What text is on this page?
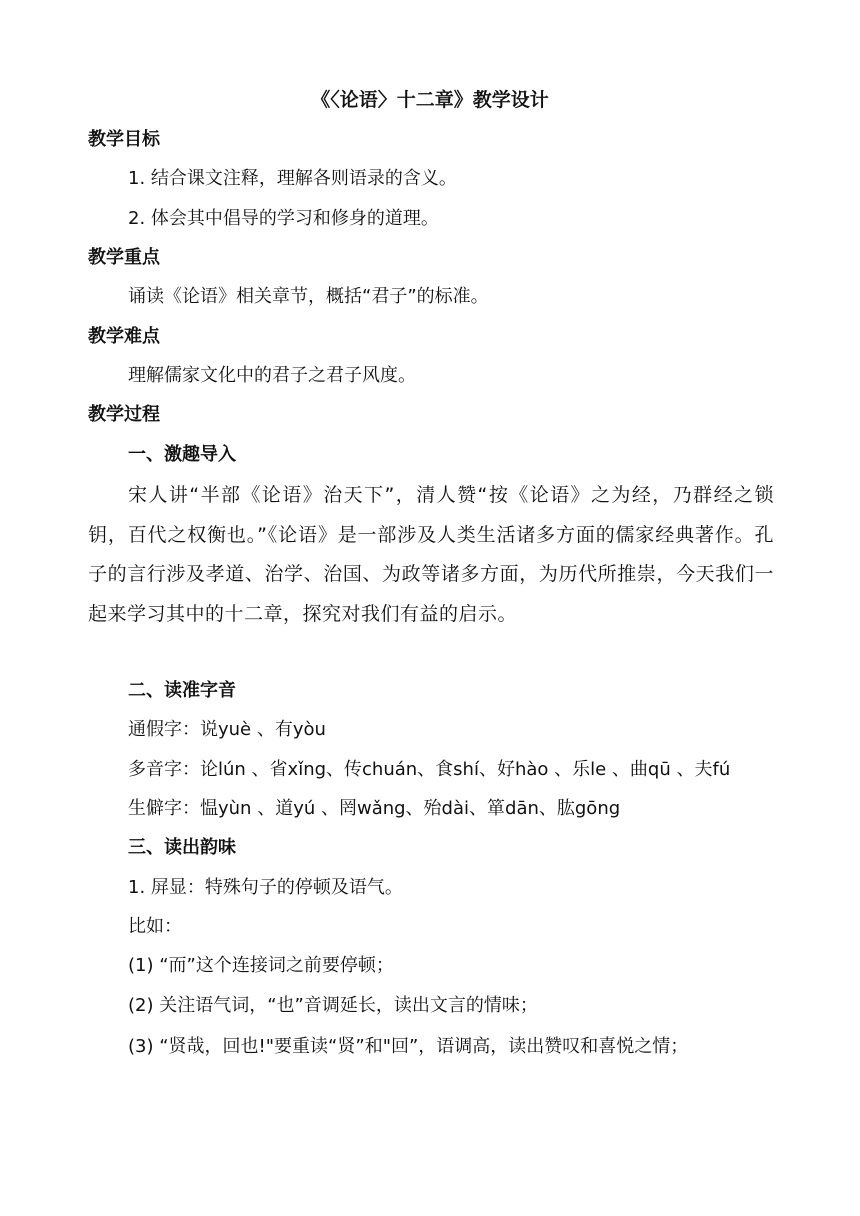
《〈论语〉十二章》教学设计
教学目标
1. 结合课文注释，理解各则语录的含义。
2. 体会其中倡导的学习和修身的道理。
教学重点
诵读《论语》相关章节，概括“君子”的标准。
教学难点
理解儒家文化中的君子之君子风度。
教学过程
一、激趣导入
宋人讲“半部《论语》治天下”，清人赞“按《论语》之为经，乃群经之锁钥，百代之权衡也。”《论语》是一部涉及人类生活诸多方面的儒家经典著作。孔子的言行涉及孝道、治学、治国、为政等诸多方面，为历代所推崇，今天我们一起来学习其中的十二章，探究对我们有益的启示。
二、读准字音
通假字：说yuè 、有yòu
多音字：论lún 、省xǐng、传chuán、食shí、好hào 、乐le 、曲qū 、夫fú
生僻字：愠yùn 、道yú 、罔wǎng、殆dài、箪dān、肱gōng
三、读出韵味
1. 屏显：特殊句子的停顿及语气。
比如：
(1) “而”这个连接词之前要停顿；
(2) 关注语气词，“也”音调延长，读出文言的情味；
(3) “贤哉，回也!"要重读“贤”和"回”，语调高，读出赞叹和喜悦之情；
